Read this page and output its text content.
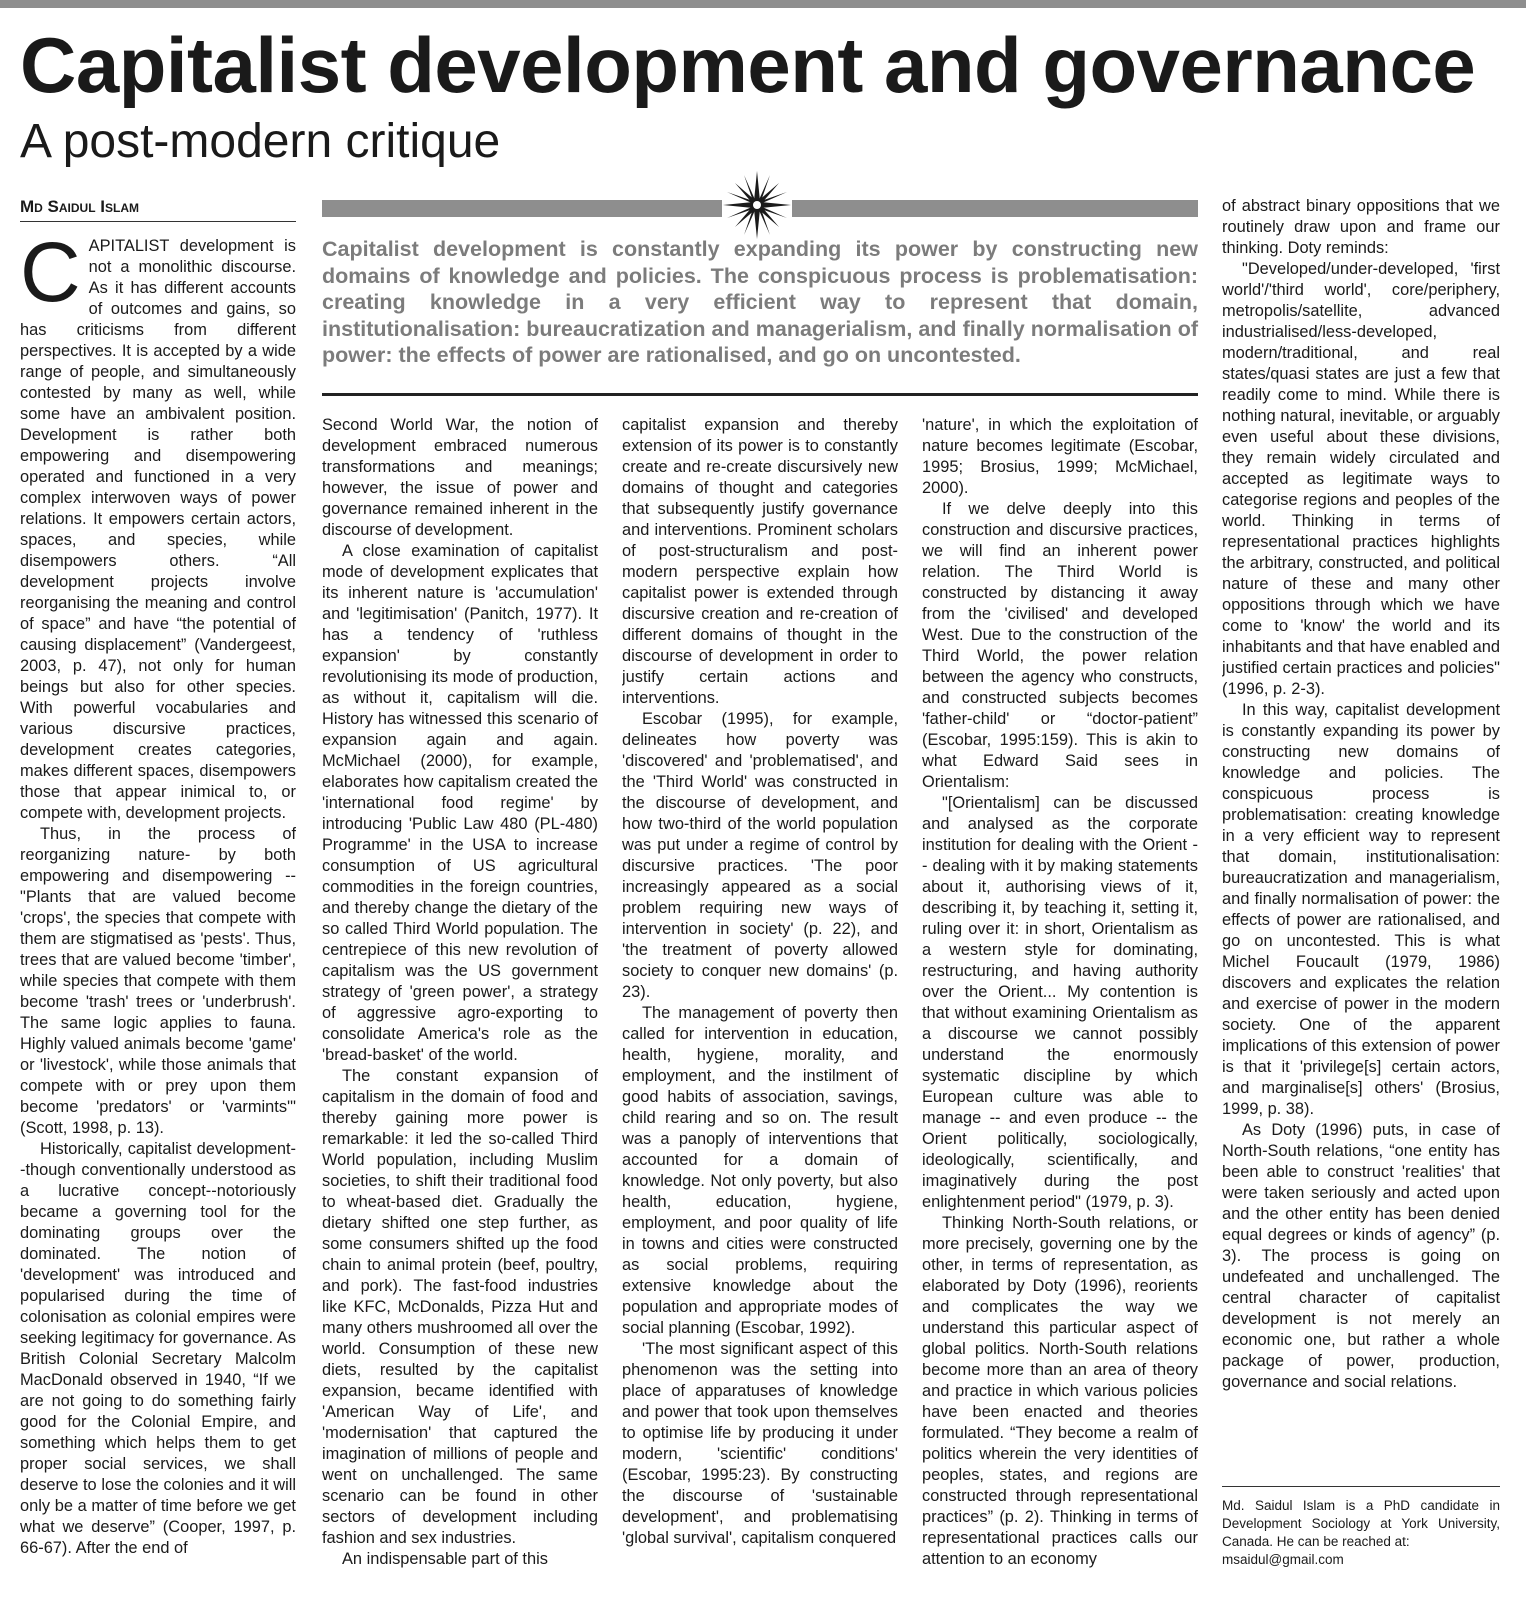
Capitalist development and governance
A post-modern critique
Md Saidul Islam

Capitalist development is constantly expanding its power by constructing new domains of knowledge and policies. The conspicuous process is problematisation: creating knowledge in a very efficient way to represent that domain, institutionalisation: bureaucratization and managerialism, and finally normalisation of power: the effects of power are rationalised, and go on uncontested.

CAPITALIST development is not a monolithic discourse. As it has different accounts of outcomes and gains, so has criticisms from different perspectives. It is accepted by a wide range of people, and simultaneously contested by many as well, while some have an ambivalent position. Development is rather both empowering and disempowering operated and functioned in a very complex interwoven ways of power relations. It empowers certain actors, spaces, and species, while disempowers others. “All development projects involve reorganising the meaning and control of space” and have “the potential of causing displacement” (Vandergeest, 2003, p. 47), not only for human beings but also for other species. With powerful vocabularies and various discursive practices, development creates categories, makes different spaces, disempowers those that appear inimical to, or compete with, development projects.

Thus, in the process of reorganizing nature- by both empowering and disempowering -- "Plants that are valued become 'crops', the species that compete with them are stigmatised as 'pests'. Thus, trees that are valued become 'timber', while species that compete with them become 'trash' trees or 'underbrush'. The same logic applies to fauna. Highly valued animals become 'game' or 'livestock', while those animals that compete with or prey upon them become 'predators' or 'varmints'" (Scott, 1998, p. 13).

Historically, capitalist development--though conventionally understood as a lucrative concept--notoriously became a governing tool for the dominating groups over the dominated. The notion of 'development' was introduced and popularised during the time of colonisation as colonial empires were seeking legitimacy for governance. As British Colonial Secretary Malcolm MacDonald observed in 1940, “If we are not going to do something fairly good for the Colonial Empire, and something which helps them to get proper social services, we shall deserve to lose the colonies and it will only be a matter of time before we get what we deserve” (Cooper, 1997, p. 66-67). After the end of

Second World War, the notion of development embraced numerous transformations and meanings; however, the issue of power and governance remained inherent in the discourse of development.

A close examination of capitalist mode of development explicates that its inherent nature is 'accumulation' and 'legitimisation' (Panitch, 1977). It has a tendency of 'ruthless expansion' by constantly revolutionising its mode of production, as without it, capitalism will die. History has witnessed this scenario of expansion again and again. McMichael (2000), for example, elaborates how capitalism created the 'international food regime' by introducing 'Public Law 480 (PL-480) Programme' in the USA to increase consumption of US agricultural commodities in the foreign countries, and thereby change the dietary of the so called Third World population. The centrepiece of this new revolution of capitalism was the US government strategy of 'green power', a strategy of aggressive agro-exporting to consolidate America's role as the 'bread-basket' of the world.

The constant expansion of capitalism in the domain of food and thereby gaining more power is remarkable: it led the so-called Third World population, including Muslim societies, to shift their traditional food to wheat-based diet. Gradually the dietary shifted one step further, as some consumers shifted up the food chain to animal protein (beef, poultry, and pork). The fast-food industries like KFC, McDonalds, Pizza Hut and many others mushroomed all over the world. Consumption of these new diets, resulted by the capitalist expansion, became identified with 'American Way of Life', and 'modernisation' that captured the imagination of millions of people and went on unchallenged. The same scenario can be found in other sectors of development including fashion and sex industries.

An indispensable part of this

capitalist expansion and thereby extension of its power is to constantly create and re-create discursively new domains of thought and categories that subsequently justify governance and interventions. Prominent scholars of post-structuralism and post-modern perspective explain how capitalist power is extended through discursive creation and re-creation of different domains of thought in the discourse of development in order to justify certain actions and interventions.

Escobar (1995), for example, delineates how poverty was 'discovered' and 'problematised', and the 'Third World' was constructed in the discourse of development, and how two-third of the world population was put under a regime of control by discursive practices. 'The poor increasingly appeared as a social problem requiring new ways of intervention in society' (p. 22), and 'the treatment of poverty allowed society to conquer new domains' (p. 23).

The management of poverty then called for intervention in education, health, hygiene, morality, and employment, and the instilment of good habits of association, savings, child rearing and so on. The result was a panoply of interventions that accounted for a domain of knowledge. Not only poverty, but also health, education, hygiene, employment, and poor quality of life in towns and cities were constructed as social problems, requiring extensive knowledge about the population and appropriate modes of social planning (Escobar, 1992).

'The most significant aspect of this phenomenon was the setting into place of apparatuses of knowledge and power that took upon themselves to optimise life by producing it under modern, 'scientific' conditions' (Escobar, 1995:23). By constructing the discourse of 'sustainable development', and problematising 'global survival', capitalism conquered

'nature', in which the exploitation of nature becomes legitimate (Escobar, 1995; Brosius, 1999; McMichael, 2000).

If we delve deeply into this construction and discursive practices, we will find an inherent power relation. The Third World is constructed by distancing it away from the 'civilised' and developed West. Due to the construction of the Third World, the power relation between the agency who constructs, and constructed subjects becomes 'father-child' or “doctor-patient” (Escobar, 1995:159). This is akin to what Edward Said sees in Orientalism:

"[Orientalism] can be discussed and analysed as the corporate institution for dealing with the Orient -- dealing with it by making statements about it, authorising views of it, describing it, by teaching it, setting it, ruling over it: in short, Orientalism as a western style for dominating, restructuring, and having authority over the Orient... My contention is that without examining Orientalism as a discourse we cannot possibly understand the enormously systematic discipline by which European culture was able to manage -- and even produce -- the Orient politically, sociologically, ideologically, scientifically, and imaginatively during the post enlightenment period" (1979, p. 3).

Thinking North-South relations, or more precisely, governing one by the other, in terms of representation, as elaborated by Doty (1996), reorients and complicates the way we understand this particular aspect of global politics. North-South relations become more than an area of theory and practice in which various policies have been enacted and theories formulated. “They become a realm of politics wherein the very identities of peoples, states, and regions are constructed through representational practices” (p. 2). Thinking in terms of representational practices calls our attention to an economy

of abstract binary oppositions that we routinely draw upon and frame our thinking. Doty reminds:

"Developed/under-developed, 'first world'/'third world', core/periphery, metropolis/satellite, advanced industrialised/less-developed, modern/traditional, and real states/quasi states are just a few that readily come to mind. While there is nothing natural, inevitable, or arguably even useful about these divisions, they remain widely circulated and accepted as legitimate ways to categorise regions and peoples of the world. Thinking in terms of representational practices highlights the arbitrary, constructed, and political nature of these and many other oppositions through which we have come to 'know' the world and its inhabitants and that have enabled and justified certain practices and policies" (1996, p. 2-3).

In this way, capitalist development is constantly expanding its power by constructing new domains of knowledge and policies. The conspicuous process is problematisation: creating knowledge in a very efficient way to represent that domain, institutionalisation: bureaucratization and managerialism, and finally normalisation of power: the effects of power are rationalised, and go on uncontested. This is what Michel Foucault (1979, 1986) discovers and explicates the relation and exercise of power in the modern society. One of the apparent implications of this extension of power is that it 'privilege[s] certain actors, and marginalise[s] others' (Brosius, 1999, p. 38).

As Doty (1996) puts, in case of North-South relations, “one entity has been able to construct 'realities' that were taken seriously and acted upon and the other entity has been denied equal degrees or kinds of agency” (p. 3). The process is going on undefeated and unchallenged. The central character of capitalist development is not merely an economic one, but rather a whole package of power, production, governance and social relations.

Md. Saidul Islam is a PhD candidate in Development Sociology at York University, Canada. He can be reached at:
msaidul@gmail.com
